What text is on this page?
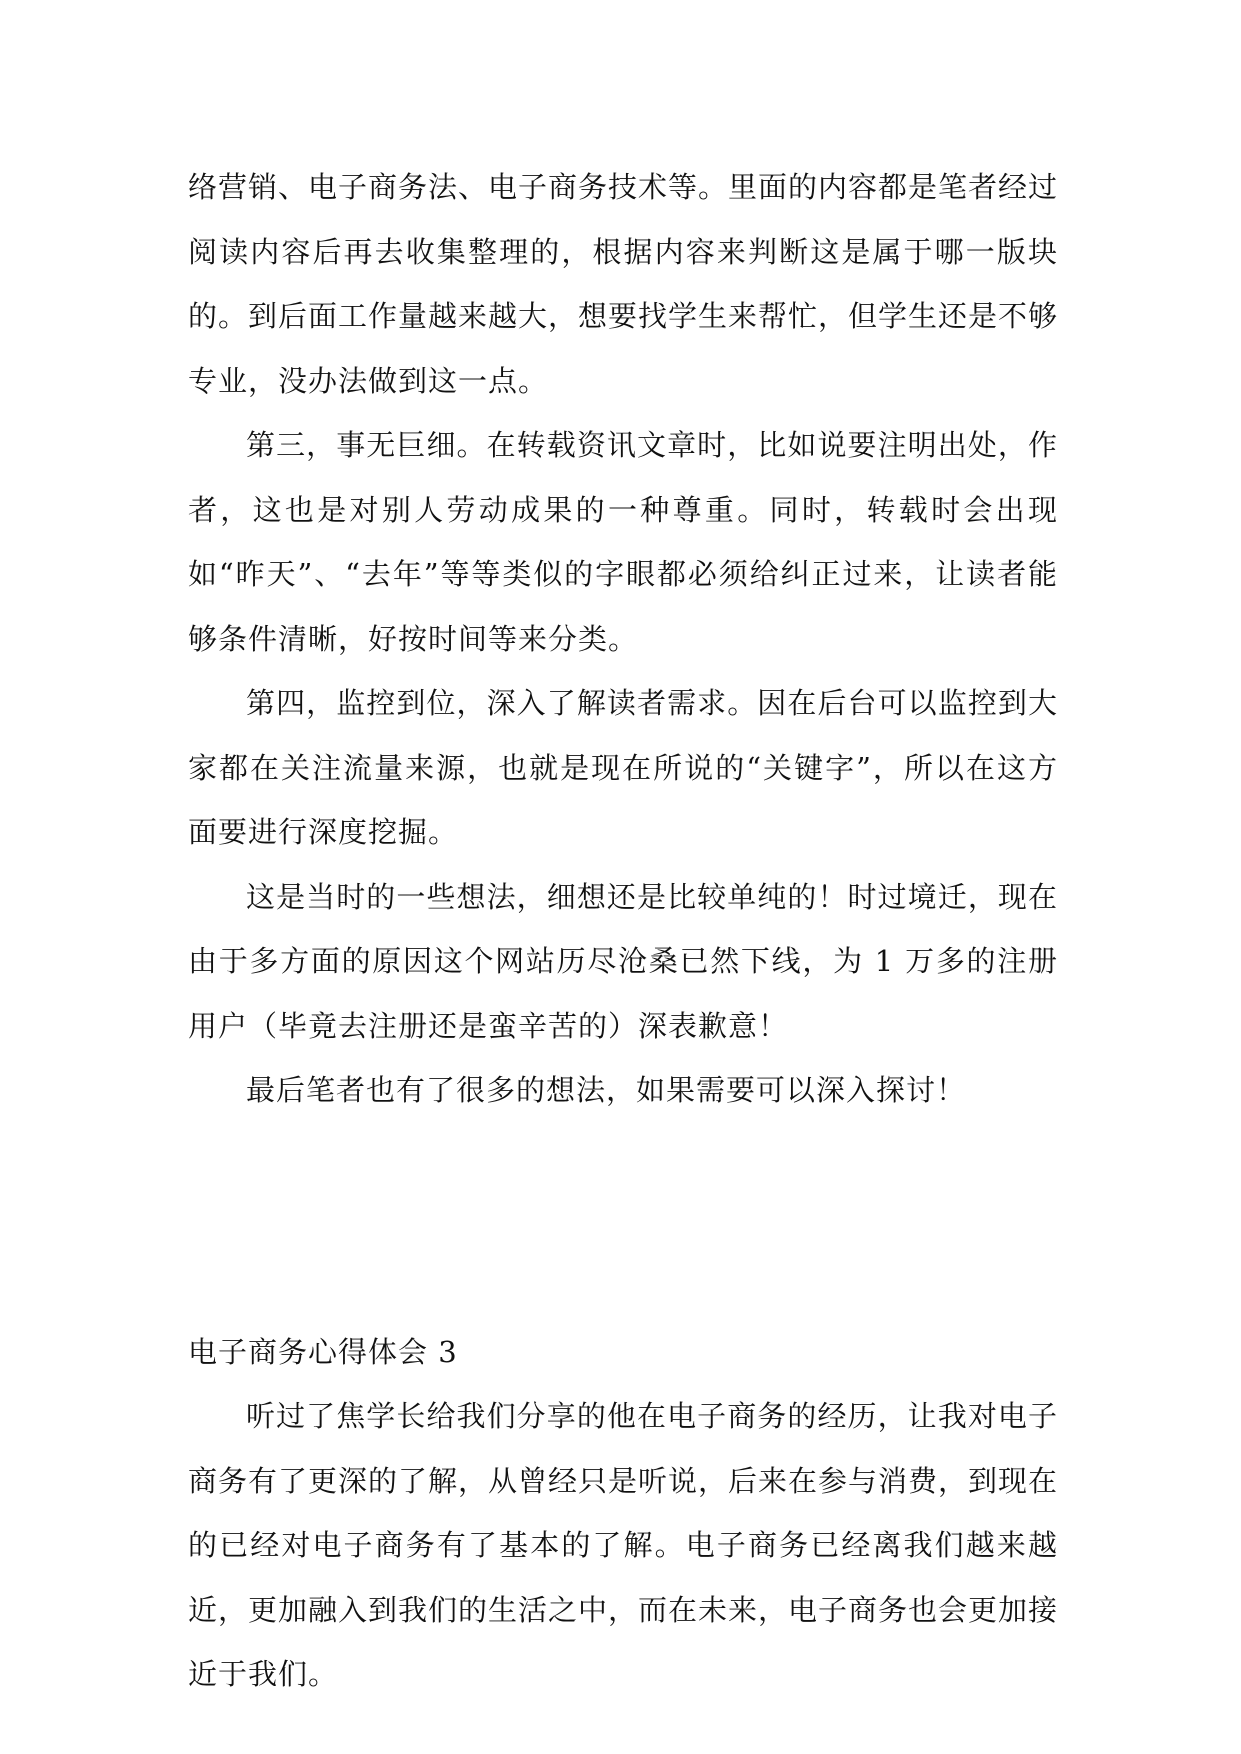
络营销、电子商务法、电子商务技术等。里面的内容都是笔者经过阅读内容后再去收集整理的，根据内容来判断这是属于哪一版块的。到后面工作量越来越大，想要找学生来帮忙，但学生还是不够专业，没办法做到这一点。

第三，事无巨细。在转载资讯文章时，比如说要注明出处，作者，这也是对别人劳动成果的一种尊重。同时，转载时会出现如“昨天”、“去年”等等类似的字眼都必须给纠正过来，让读者能够条件清晰，好按时间等来分类。

第四，监控到位，深入了解读者需求。因在后台可以监控到大家都在关注流量来源，也就是现在所说的“关键字”，所以在这方面要进行深度挖掘。

这是当时的一些想法，细想还是比较单纯的！时过境迁，现在由于多方面的原因这个网站历尽沧桑已然下线，为 1 万多的注册用户（毕竟去注册还是蛮辛苦的）深表歉意！

最后笔者也有了很多的想法，如果需要可以深入探讨！

电子商务心得体会 3

听过了焦学长给我们分享的他在电子商务的经历，让我对电子商务有了更深的了解，从曾经只是听说，后来在参与消费，到现在的已经对电子商务有了基本的了解。电子商务已经离我们越来越近，更加融入到我们的生活之中，而在未来，电子商务也会更加接近于我们。
